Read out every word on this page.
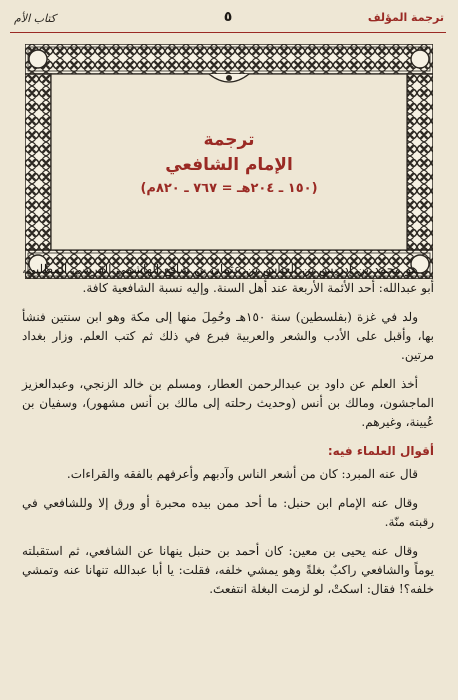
ترجمة المؤلف
٥
كتاب الأم
ترجمة
الإمام الشافعي
(١٥٠ ـ ٢٠٤هـ = ٧٦٧ ـ ٨٢٠م)

هو محمد بن إدريس بن العباس بن عثمان بن شافع الهاشمي القرشي المطلبي، أبو عبدالله: أحد الأئمة الأربعة عند أهل السنة. وإليه نسبة الشافعية كافة.

ولد في غزة (بفلسطين) سنة ١٥٠هـ وحُمِلَ منها إلى مكة وهو ابن سنتين فنشأ بها، وأقبل على الأدب والشعر والعربية فبرع في ذلك ثم كتب العلم. وزار بغداد مرتين.

أخذ العلم عن داود بن عبدالرحمن العطار، ومسلم بن خالد الزنجي، وعبدالعزيز الماجشون، ومالك بن أنس (وحديث رحلته إلى مالك بن أنس مشهور)، وسفيان بن عُيينة، وغيرهم.

أقوال العلماء فيه:

قال عنه المبرد: كان من أشعر الناس وآدبهم وأعرفهم بالفقه والقراءات.

وقال عنه الإمام ابن حنبل: ما أحد ممن بيده محبرة أو ورق إلا وللشافعي في رقبته منّة.

وقال عنه يحيى بن معين: كان أحمد بن حنبل ينهانا عن الشافعي، ثم استقبلته يوماً والشافعي راكبٌ بغلةً وهو يمشي خلفه، فقلت: يا أبا عبدالله تنهانا عنه وتمشي خلفه؟! فقال: اسكتْ، لو لزمت البغلة انتفعتَ.
